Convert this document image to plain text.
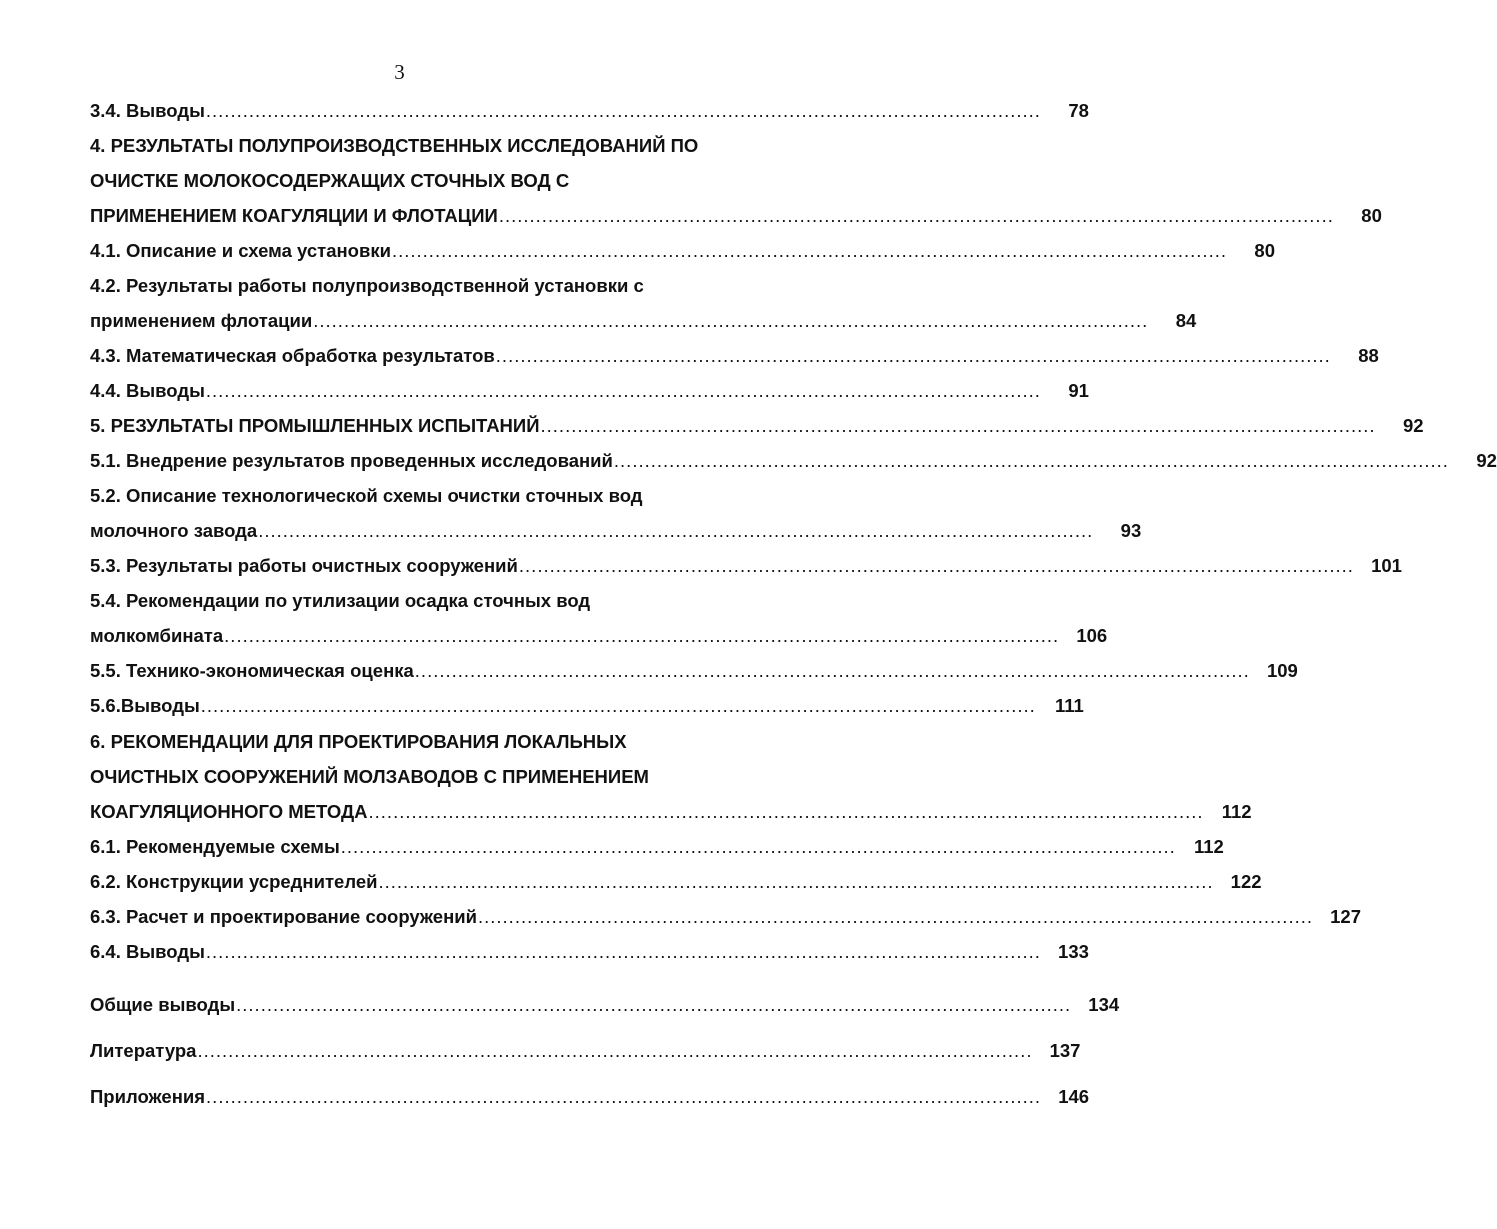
3
3.4. Выводы ........................................................................................................................................	78
4. РЕЗУЛЬТАТЫ ПОЛУПРОИЗВОДСТВЕННЫХ ИССЛЕДОВАНИЙ ПО
ОЧИСТКЕ МОЛОКОСОДЕРЖАЩИХ СТОЧНЫХ ВОД С
ПРИМЕНЕНИЕМ КОАГУЛЯЦИИ И ФЛОТАЦИИ ........................................................................................................................................	80
4.1. Описание и схема установки ........................................................................................................................................	80
4.2. Результаты работы полупроизводственной установки с
применением флотации ........................................................................................................................................	84
4.3. Математическая обработка результатов ........................................................................................................................................	88
4.4. Выводы ........................................................................................................................................	91
5. РЕЗУЛЬТАТЫ ПРОМЫШЛЕННЫХ ИСПЫТАНИЙ ........................................................................................................................................	92
5.1. Внедрение результатов проведенных исследований ........................................................................................................................................	92
5.2. Описание технологической схемы очистки сточных вод
молочного завода ........................................................................................................................................	93
5.3. Результаты работы очистных сооружений ........................................................................................................................................ 101
5.4. Рекомендации по утилизации осадка сточных вод
молкомбината ........................................................................................................................................ 106
5.5. Технико-экономическая оценка ........................................................................................................................................ 109
5.6.Выводы ........................................................................................................................................	111
6. РЕКОМЕНДАЦИИ ДЛЯ ПРОЕКТИРОВАНИЯ ЛОКАЛЬНЫХ
ОЧИСТНЫХ СООРУЖЕНИЙ МОЛЗАВОДОВ С ПРИМЕНЕНИЕМ
КОАГУЛЯЦИОННОГО МЕТОДА ........................................................................................................................................ 112
6.1. Рекомендуемые схемы ........................................................................................................................................ 112
6.2. Конструкции усреднителей ........................................................................................................................................ 122
6.3. Расчет и проектирование сооружений ........................................................................................................................................ 127
6.4. Выводы ........................................................................................................................................ 133
Общие выводы ........................................................................................................................................ 134
Литература ........................................................................................................................................ 137
Приложения ........................................................................................................................................ 146
